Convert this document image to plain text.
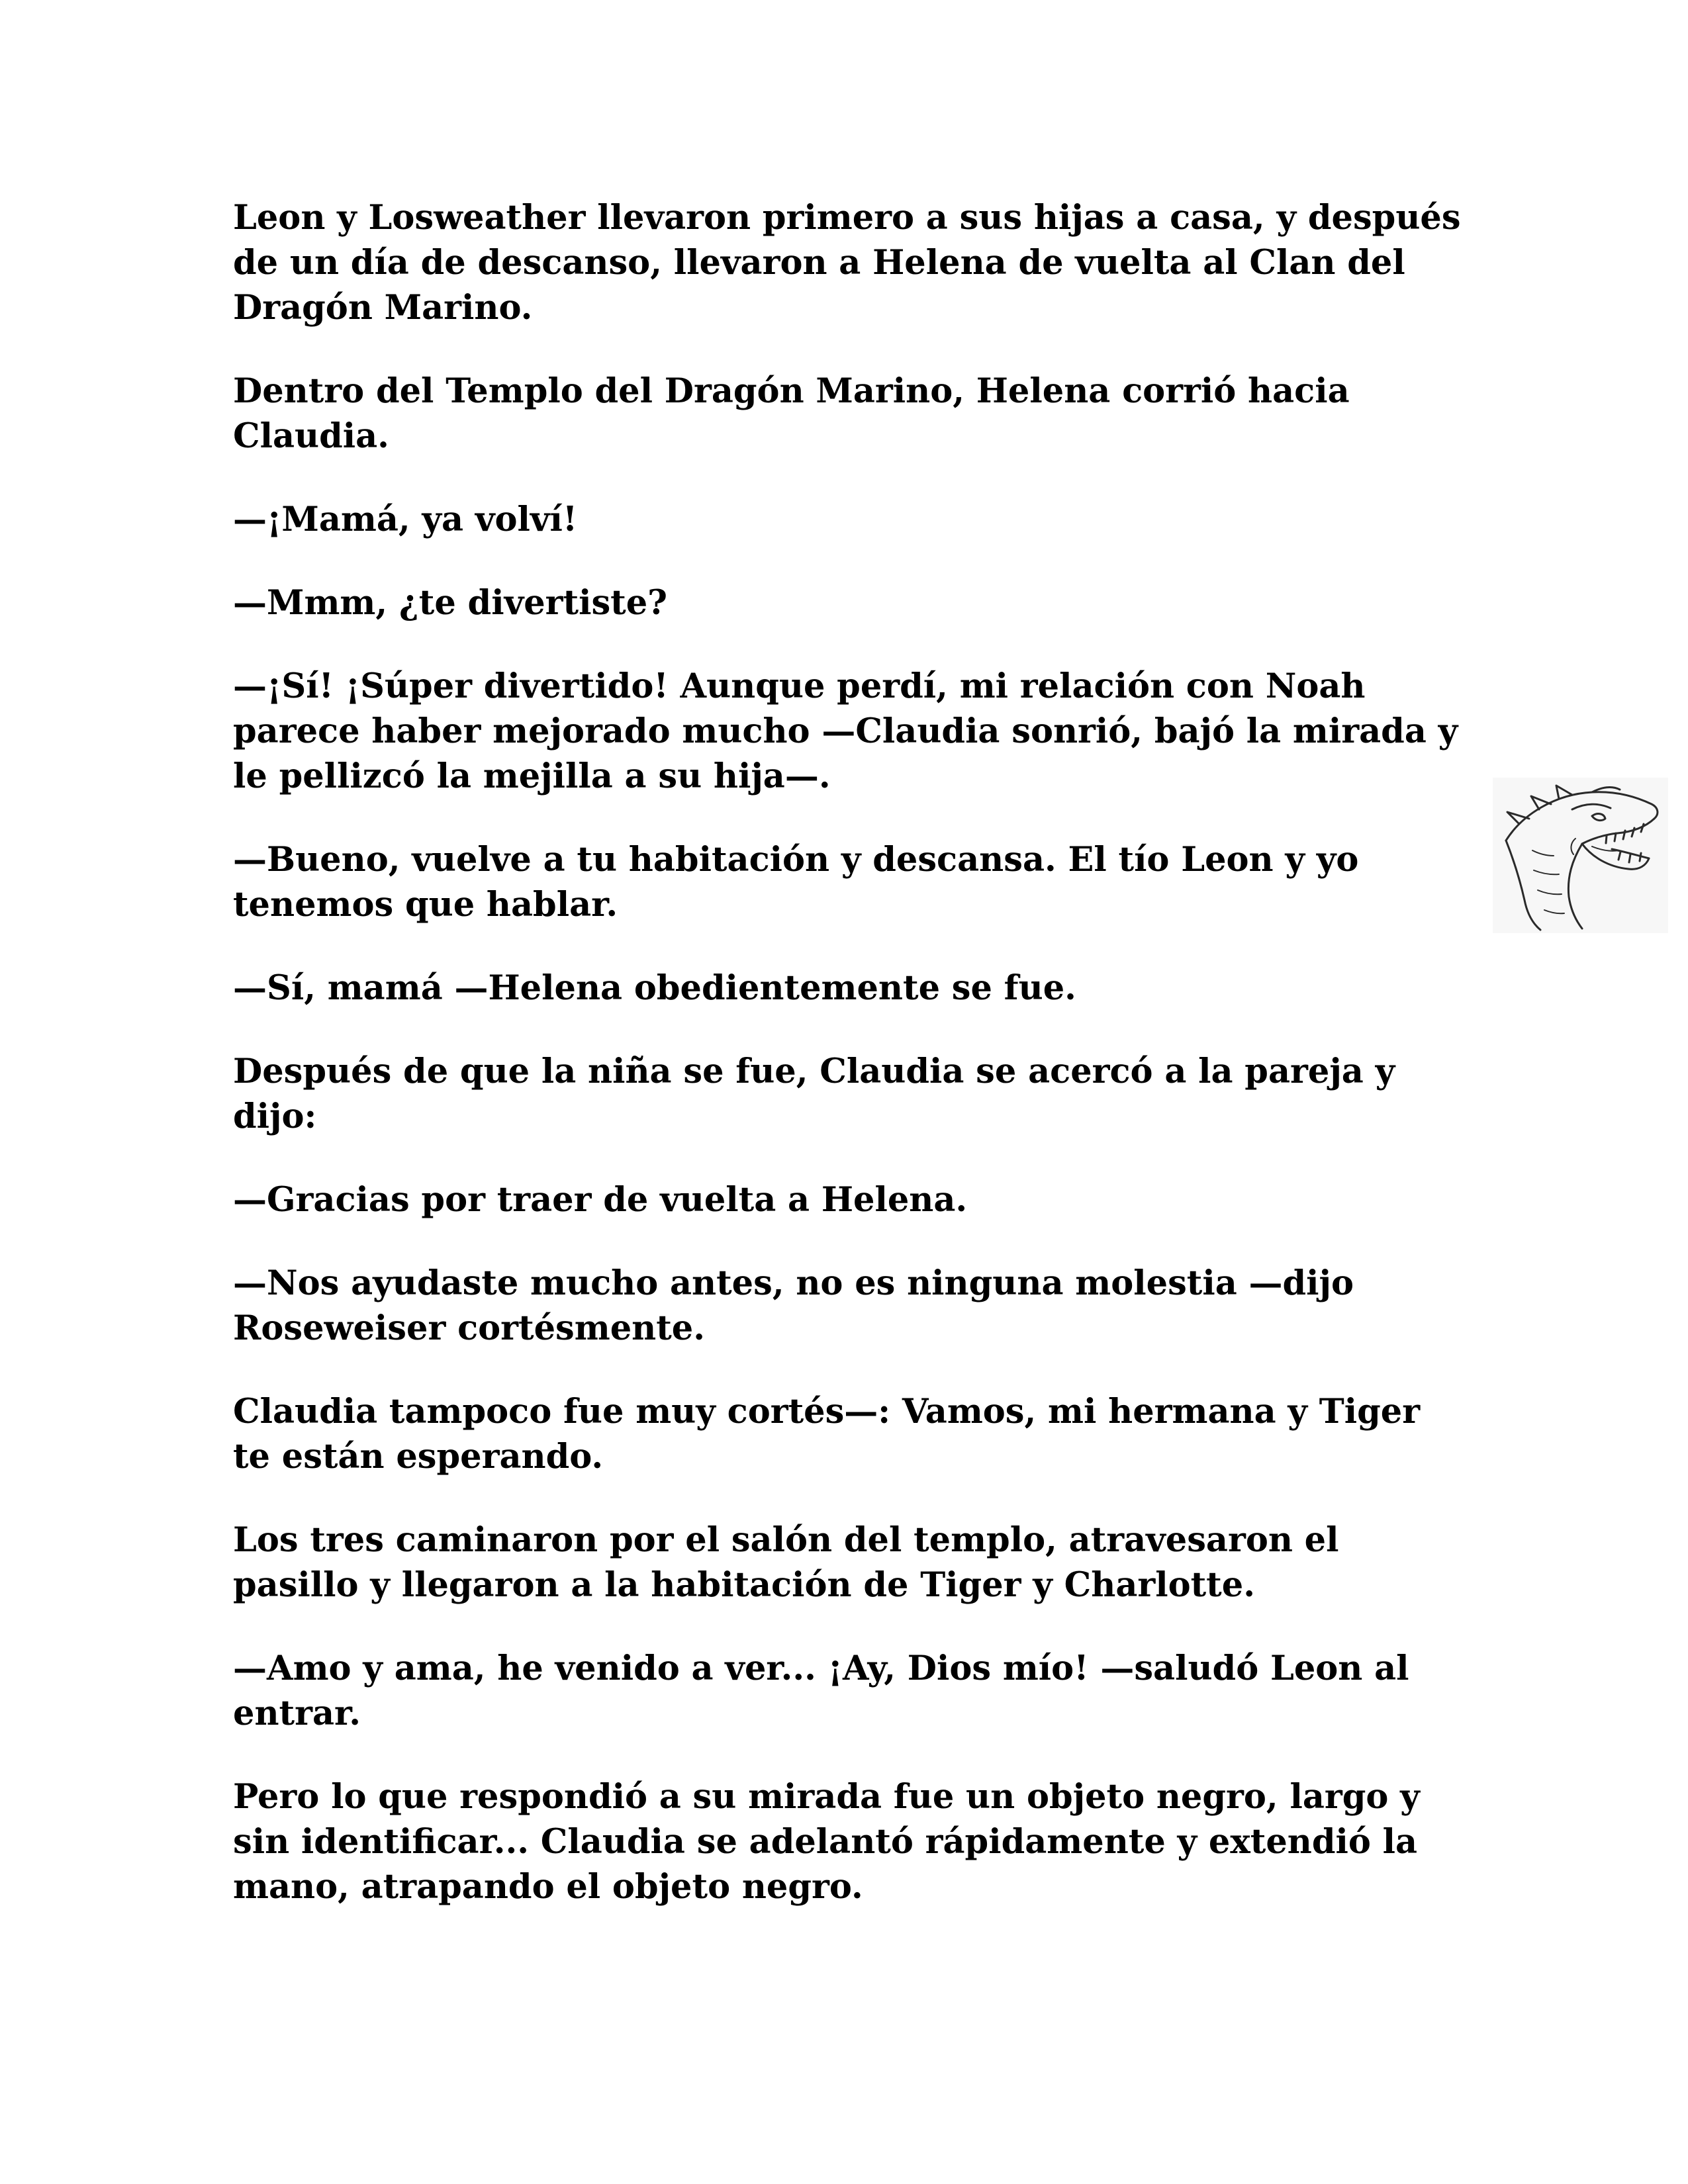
Leon y Losweather llevaron primero a sus hijas a casa, y después de un día de descanso, llevaron a Helena de vuelta al Clan del Dragón Marino.

Dentro del Templo del Dragón Marino, Helena corrió hacia Claudia.

—¡Mamá, ya volví!

—Mmm, ¿te divertiste?

—¡Sí! ¡Súper divertido! Aunque perdí, mi relación con Noah parece haber mejorado mucho —Claudia sonrió, bajó la mirada y le pellizcó la mejilla a su hija—.

—Bueno, vuelve a tu habitación y descansa. El tío Leon y yo tenemos que hablar.

—Sí, mamá —Helena obedientemente se fue.

Después de que la niña se fue, Claudia se acercó a la pareja y dijo:

—Gracias por traer de vuelta a Helena.

—Nos ayudaste mucho antes, no es ninguna molestia —dijo Roseweiser cortésmente.

Claudia tampoco fue muy cortés—: Vamos, mi hermana y Tiger te están esperando.

Los tres caminaron por el salón del templo, atravesaron el pasillo y llegaron a la habitación de Tiger y Charlotte.

—Amo y ama, he venido a ver... ¡Ay, Dios mío! —saludó Leon al entrar.

Pero lo que respondió a su mirada fue un objeto negro, largo y sin identificar... Claudia se adelantó rápidamente y extendió la mano, atrapando el objeto negro.
